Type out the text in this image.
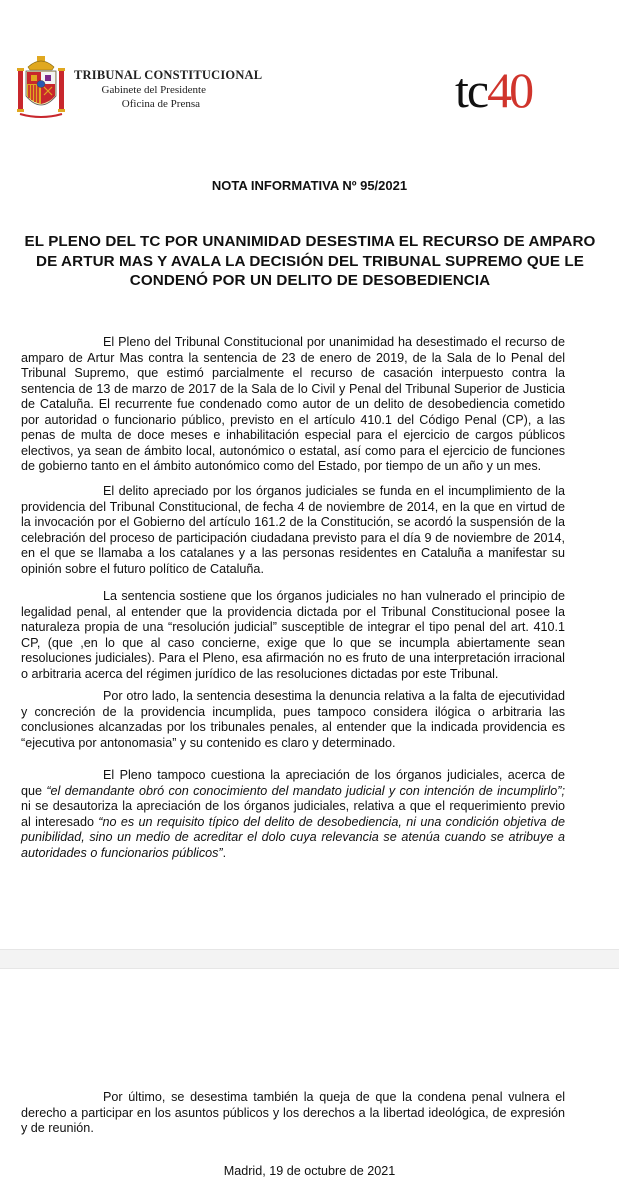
TRIBUNAL CONSTITUCIONAL
Gabinete del Presidente
Oficina de Prensa	tc 40
NOTA INFORMATIVA Nº 95/2021
EL PLENO DEL TC POR UNANIMIDAD DESESTIMA EL RECURSO DE AMPARO DE ARTUR MAS Y AVALA LA DECISIÓN DEL TRIBUNAL SUPREMO QUE LE CONDENÓ POR UN DELITO DE DESOBEDIENCIA

El Pleno del Tribunal Constitucional por unanimidad ha desestimado el recurso de amparo de Artur Mas contra la sentencia de 23 de enero de 2019, de la Sala de lo Penal del Tribunal Supremo, que estimó parcialmente el recurso de casación interpuesto contra la sentencia de 13 de marzo de 2017 de la Sala de lo Civil y Penal del Tribunal Superior de Justicia de Cataluña. El recurrente fue condenado como autor de un delito de desobediencia cometido por autoridad o funcionario público, previsto en el artículo 410.1 del Código Penal (CP), a las penas de multa de doce meses e inhabilitación especial para el ejercicio de cargos públicos electivos, ya sean de ámbito local, autonómico o estatal, así como para el ejercicio de funciones de gobierno tanto en el ámbito autonómico como del Estado, por tiempo de un año y un mes.

El delito apreciado por los órganos judiciales se funda en el incumplimiento de la providencia del Tribunal Constitucional, de fecha 4 de noviembre de 2014, en la que en virtud de la invocación por el Gobierno del artículo 161.2 de la Constitución, se acordó la suspensión de la celebración del proceso de participación ciudadana previsto para el día 9 de noviembre de 2014, en el que se llamaba a los catalanes y a las personas residentes en Cataluña a manifestar su opinión sobre el futuro político de Cataluña.

La sentencia sostiene que los órganos judiciales no han vulnerado el principio de legalidad penal, al entender que la providencia dictada por el Tribunal Constitucional posee la naturaleza propia de una “resolución judicial” susceptible de integrar el tipo penal del art. 410.1 CP, (que ,en lo que al caso concierne, exige que lo que se incumpla abiertamente sean resoluciones judiciales). Para el Pleno, esa afirmación no es fruto de una interpretación irracional o arbitraria acerca del régimen jurídico de las resoluciones dictadas por este Tribunal.

Por otro lado, la sentencia desestima la denuncia relativa a la falta de ejecutividad y concreción de la providencia incumplida, pues tampoco considera ilógica o arbitraria las conclusiones alcanzadas por los tribunales penales, al entender que la indicada providencia es “ejecutiva por antonomasia” y su contenido es claro y determinado.

El Pleno tampoco cuestiona la apreciación de los órganos judiciales, acerca de que “el demandante obró con conocimiento del mandato judicial y con intención de incumplirlo”; ni se desautoriza la apreciación de los órganos judiciales, relativa a que el requerimiento previo al interesado “no es un requisito típico del delito de desobediencia, ni una condición objetiva de punibilidad, sino un medio de acreditar el dolo cuya relevancia se atenúa cuando se atribuye a autoridades o funcionarios públicos”.

Por último, se desestima también la queja de que la condena penal vulnera el derecho a participar en los asuntos públicos y los derechos a la libertad ideológica, de expresión y de reunión.

Madrid, 19 de octubre de 2021
